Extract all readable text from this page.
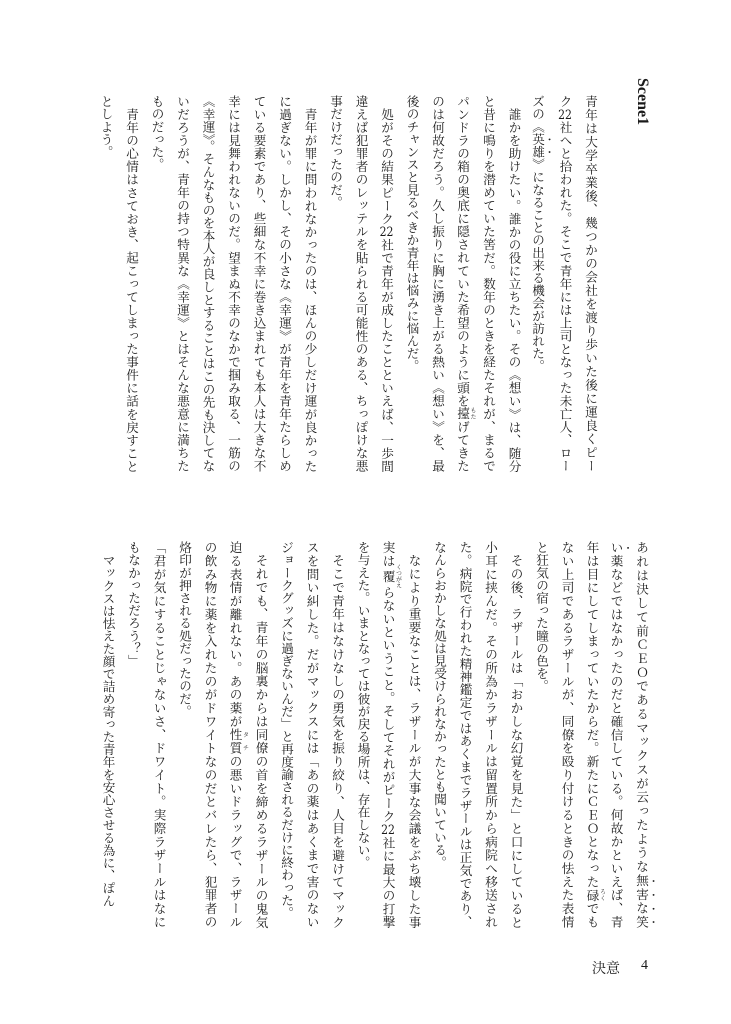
Scene1
青年は大学卒業後、幾つかの会社を渡り歩いた後に運良くピー
ク22社へと拾われた。そこで青年には上司となった未亡人、ロー
ズの《英雄》になることの出来る機会が訪れた。
誰かを助けたい。誰かの役に立ちたい。その《想い》は、随分
と昔に鳴りを潜めていた筈だ。数年のときを経たそれが、まるで
パンドラの箱の奥底に隠されていた希望のように頭を擡 もたげてきた
のは何故だろう。久し振りに胸に湧き上がる熱い《想い》を、最
後のチャンスと見るべきか青年は悩みに悩んだ。
処がその結果ピーク22社で青年が成したことといえば、一歩間
違えば犯罪者のレッテルを貼られる可能性のある、ちっぽけな悪
事だけだったのだ。
青年が罪に問われなかったのは、ほんの少しだけ運が良かった
に過ぎない。しかし、その小さな《幸運》が青年を青年たらしめ
ている要素であり、些細な不幸に巻き込まれても本人は大きな不
幸には見舞われないのだ。望まぬ不幸のなかで掴み取る、一筋の
《幸運》。そんなものを本人が良しとすることはこの先も決してな
いだろうが、青年の持つ特異な《幸運》とはそんな悪意に満ちた
ものだった。
青年の心情はさておき、起こってしまった事件に話を戻すこと
としよう。
あれは決して前ＣＥＯであるマックスが云ったような無害な笑
い薬などではなかったのだと確信している。何故かといえば、青
年は目にしてしまっていたからだ。新たにＣＥＯとなった碌 ろくでも
ない上司であるラザールが、同僚を殴り付けるときの怯えた表情
と狂気の宿った瞳の色を。
その後、ラザールは「おかしな幻覚を見た」と口にしていると
小耳に挟んだ。その所為かラザールは留置所から病院へ移送され
た。病院で行われた精神鑑定ではあくまでラザールは正気であり、
なんらおかしな処は見受けられなかったとも聞いている。
なにより重要なことは、ラザールが大事な会議をぶち壊した事
実は覆 くつがえらないということ。そしてそれがピーク22社に最大の打撃
を与えた。いまとなっては彼が戻る場所は、存在しない。
そこで青年はなけなしの勇気を振り絞り、人目を避けてマック
スを問い糾した。だがマックスには「あの薬はあくまで害のない
ジョークグッズに過ぎないんだ」と再度諭されるだけに終わった。
それでも、青年の脳裏からは同僚の首を締めるラザールの鬼気
迫る表情が離れない。あの薬が性質 タチの悪いドラッグで、ラザール
の飲み物に薬を入れたのがドワイトなのだとバレたら、犯罪者の
烙印が押される処だったのだ。
「君が気にすることじゃないさ、ドワイト。実際ラザールはなに
もなかっただろう？」
マックスは怯えた顔で詰め寄った青年を安心させる為に、ぽん
決意 4
